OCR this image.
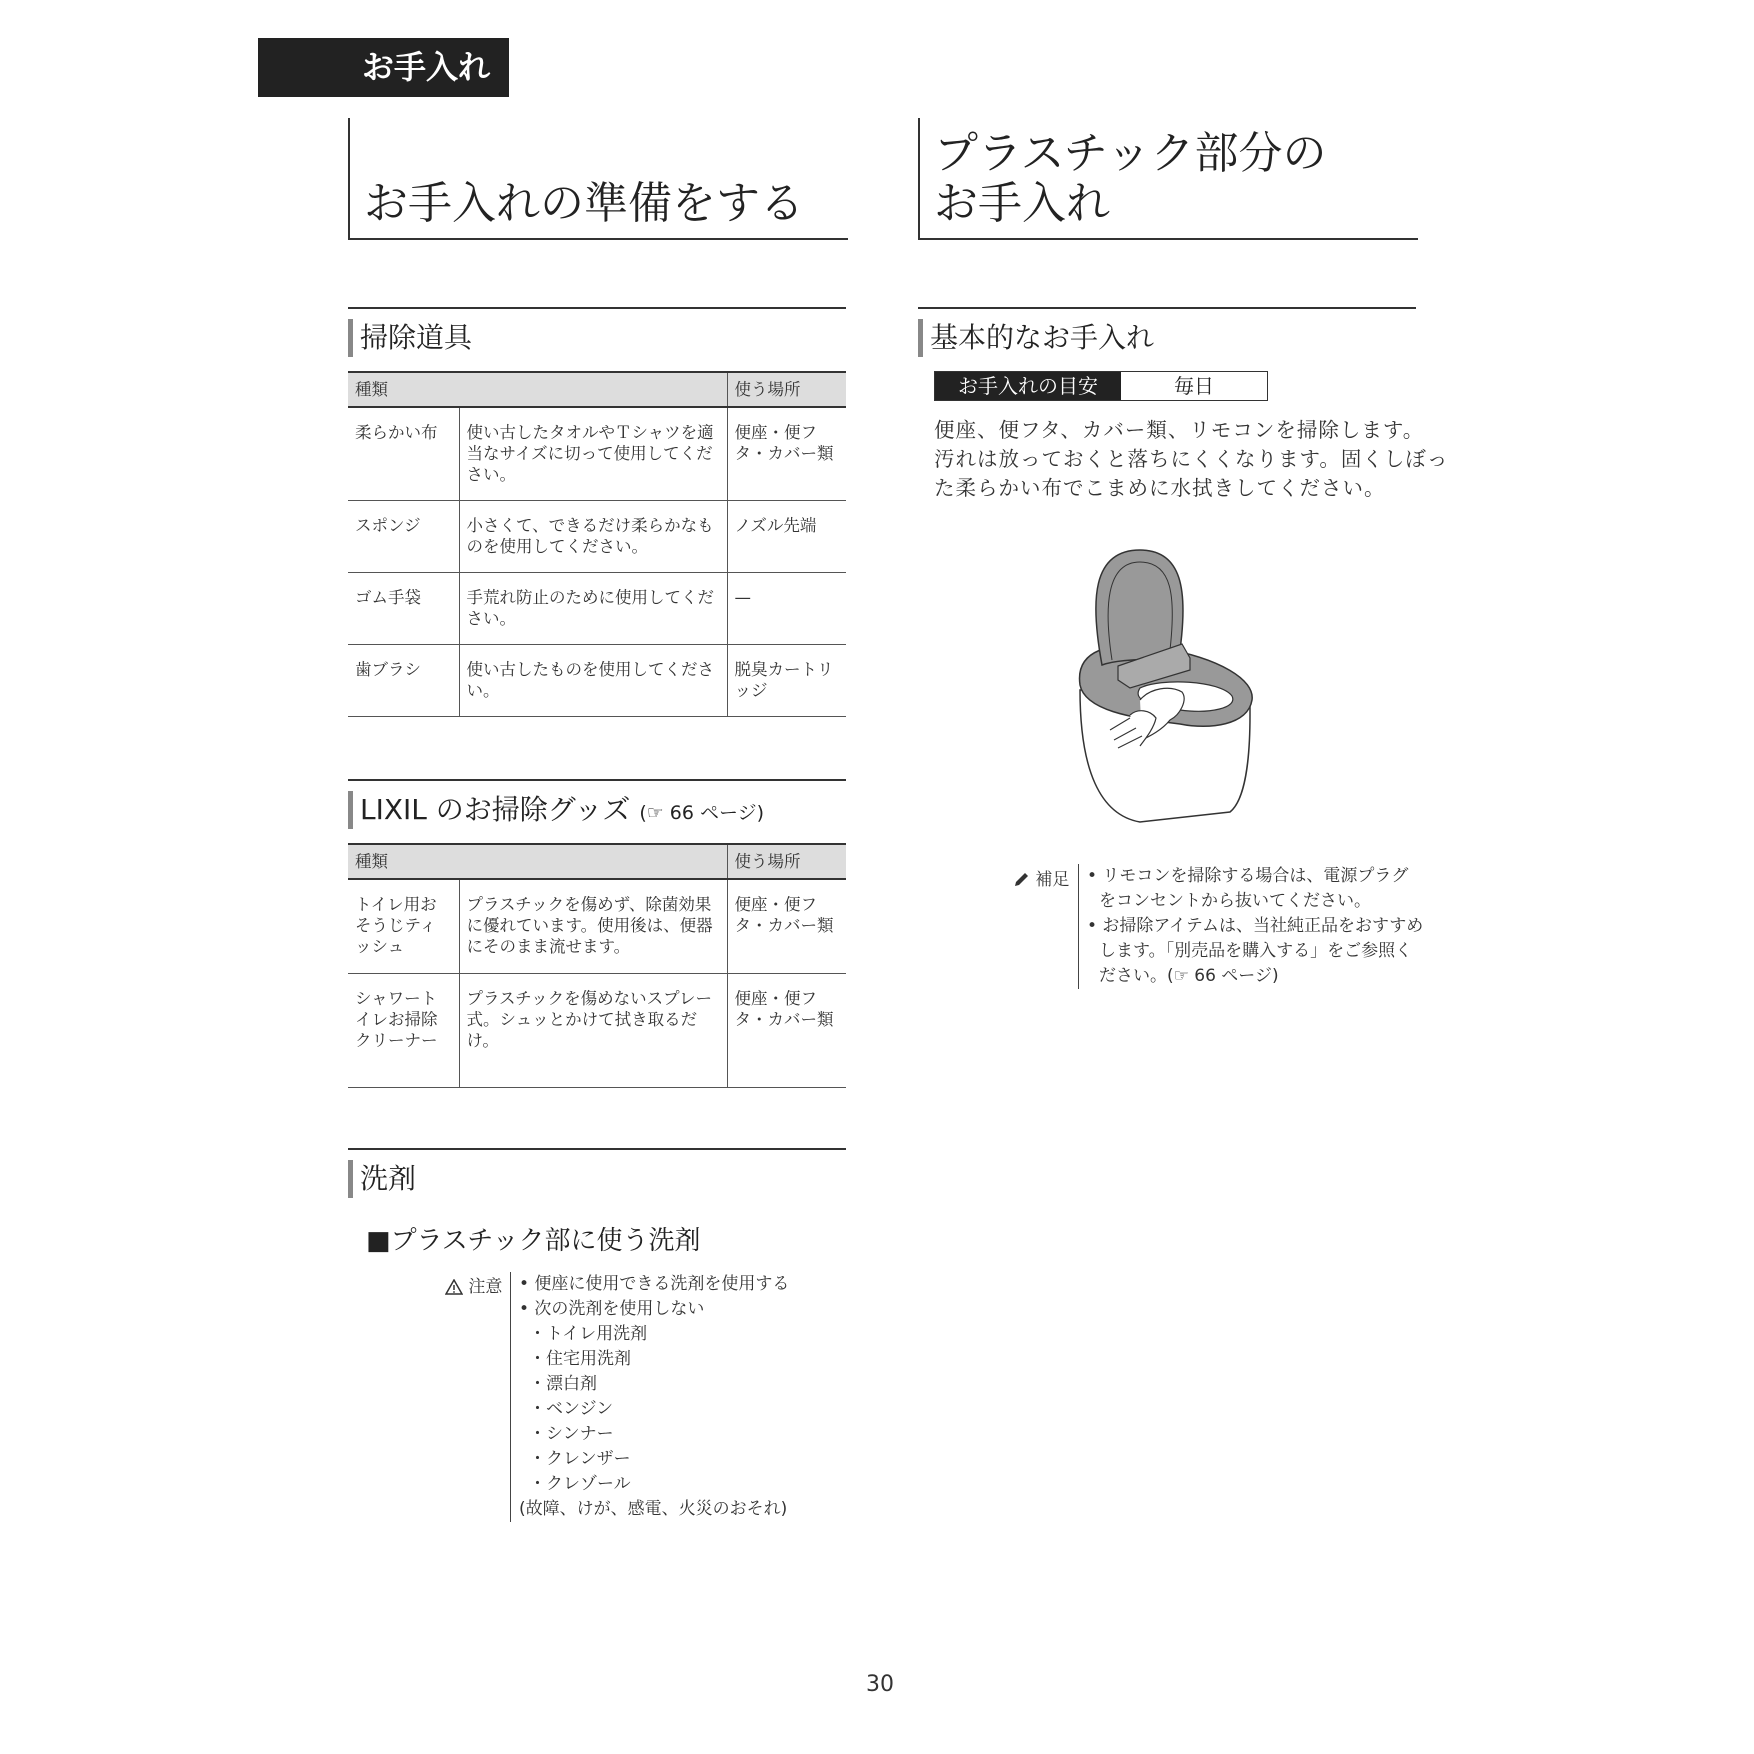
お手入れ
お手入れの準備をする
掃除道具
種類		使う場所
柔らかい布	使い古したタオルやＴシャツを適当なサイズに切って使用してください。	便座・便フタ・カバー類
スポンジ	小さくて、できるだけ柔らかなものを使用してください。	ノズル先端
ゴム手袋	手荒れ防止のために使用してください。	—
歯ブラシ	使い古したものを使用してください。	脱臭カートリッジ
LIXIL のお掃除グッズ (☞ 66 ページ)
種類		使う場所
トイレ用おそうじティッシュ	プラスチックを傷めず、除菌効果に優れています。使用後は、便器にそのまま流せます。	便座・便フタ・カバー類
シャワートイレお掃除クリーナー	プラスチックを傷めないスプレー式。シュッとかけて拭き取るだけ。	便座・便フタ・カバー類
洗剤
■プラスチック部に使う洗剤
注意 • 便座に使用できる洗剤を使用する
• 次の洗剤を使用しない
・トイレ用洗剤
・住宅用洗剤
・漂白剤
・ベンジン
・シンナー
・クレンザー
・クレゾール
(故障、けが、感電、火災のおそれ)
プラスチック部分の
お手入れ
基本的なお手入れ
お手入れの目安	毎日
便座、便フタ、カバー類、リモコンを掃除します。
汚れは放っておくと落ちにくくなります。固くしぼっ
た柔らかい布でこまめに水拭きしてください。
補足 • リモコンを掃除する場合は、電源プラグ
をコンセントから抜いてください。
• お掃除アイテムは、当社純正品をおすすめ
します。「別売品を購入する」をご参照く
ださい。(☞ 66 ページ)
30
